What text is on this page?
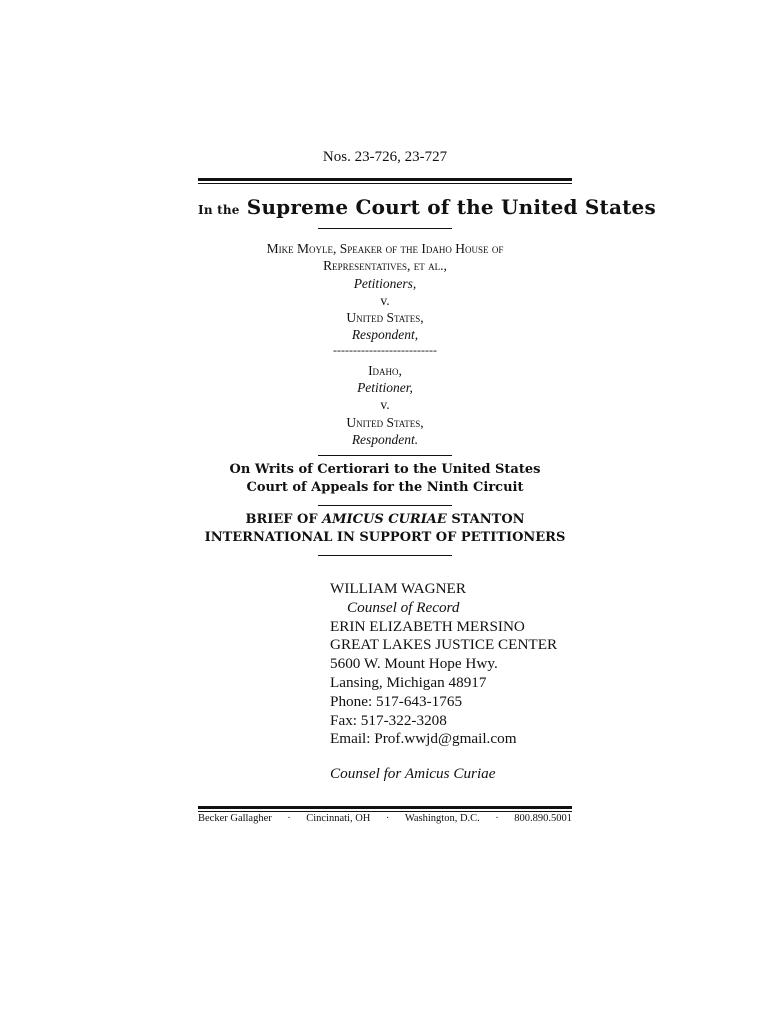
Nos. 23-726, 23-727
In the Supreme Court of the United States
Mike Moyle, Speaker of the Idaho House of
Representatives, et al.,
Petitioners,
v.
United States,
Respondent,
--------------------------
Idaho,
Petitioner,
v.
United States,
Respondent.
On Writs of Certiorari to the United States
Court of Appeals for the Ninth Circuit
BRIEF OF AMICUS CURIAE STANTON
INTERNATIONAL IN SUPPORT OF PETITIONERS
WILLIAM WAGNER
Counsel of Record
ERIN ELIZABETH MERSINO
GREAT LAKES JUSTICE CENTER
5600 W. Mount Hope Hwy.
Lansing, Michigan 48917
Phone: 517-643-1765
Fax: 517-322-3208
Email: Prof.wwjd@gmail.com
Counsel for Amicus Curiae
Becker Gallagher · Cincinnati, OH · Washington, D.C. · 800.890.5001
